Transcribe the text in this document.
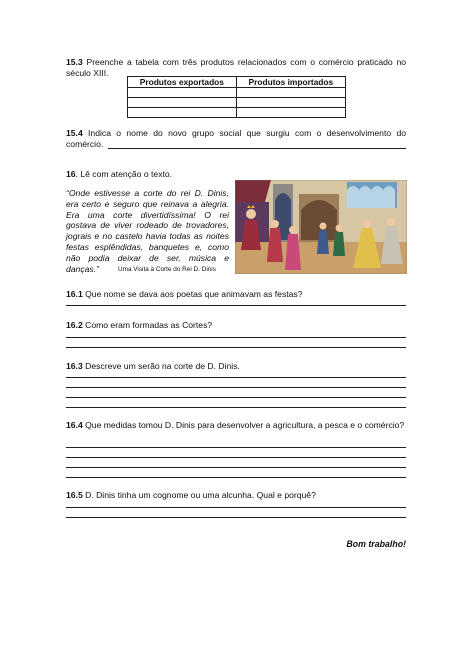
15.3 Preenche a tabela com três produtos relacionados com o comércio praticado no século XIII.
Produtos exportados	Produtos importados

15.4 Indica o nome do novo grupo social que surgiu com o desenvolvimento do comércio.
16. Lê com atenção o texto.
“Onde estivesse a corte do rei D. Dinis, era certo e seguro que reinava a alegria. Era uma corte divertidíssima! O rei gostava de viver rodeado de trovadores, jograis e no castelo havia todas as noites festas esplêndidas, banquetes e, como não podia deixar de ser, música e danças.”	Uma Visita à Corte do Rei D. Dinis
16.1 Que nome se dava aos poetas que animavam as festas?
16.2 Como eram formadas as Cortes?
16.3 Descreve um serão na corte de D. Dinis.
16.4 Que medidas tomou D. Dinis para desenvolver a agricultura, a pesca e o comércio?
16.5 D. Dinis tinha um cognome ou uma alcunha. Qual e porquê?
Bom trabalho!
